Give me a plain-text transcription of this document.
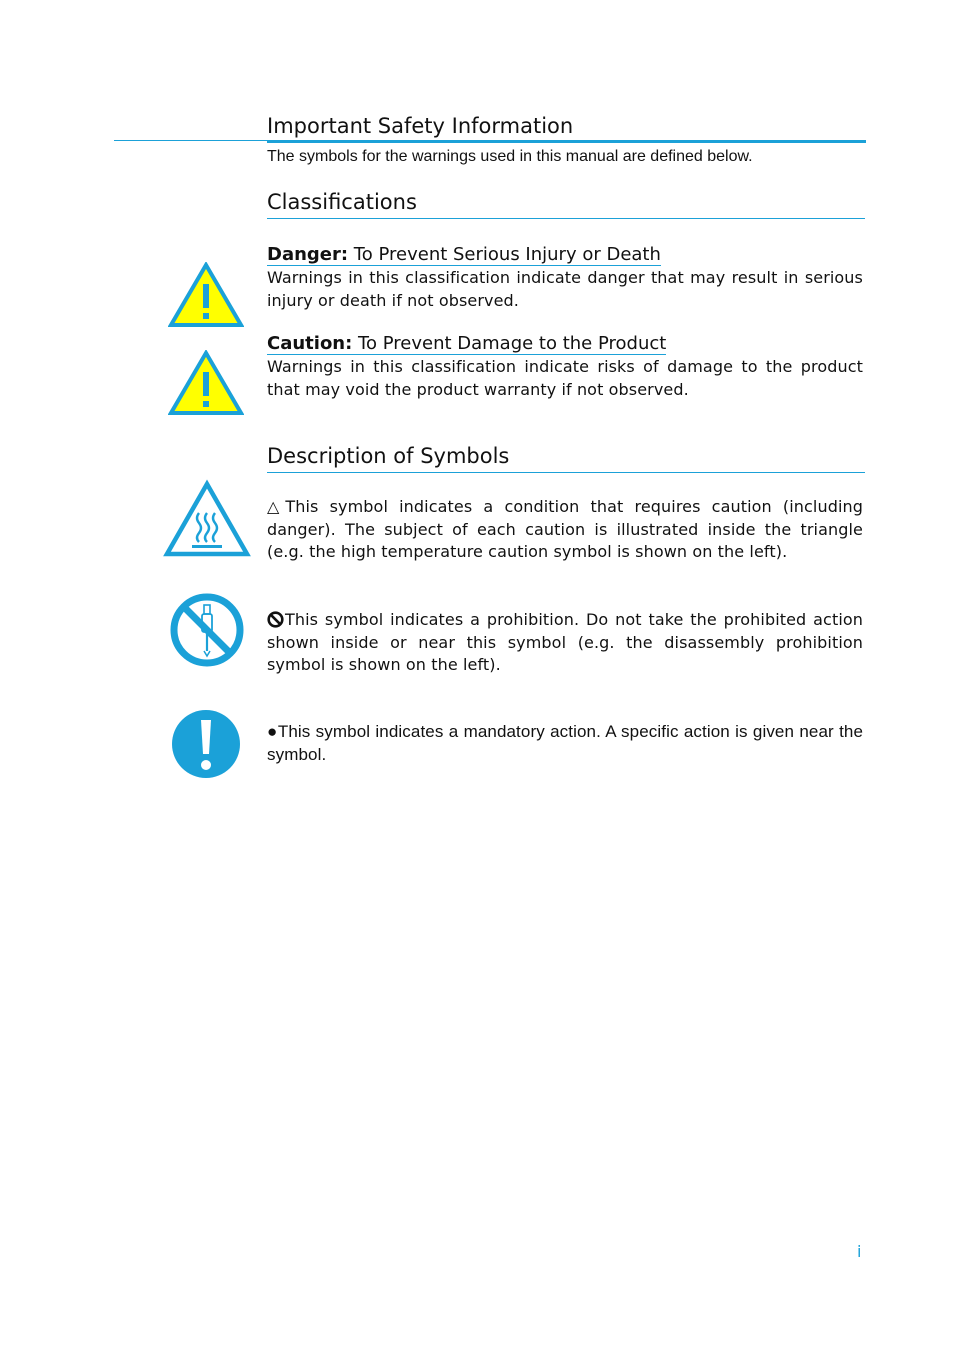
Important Safety Information
The symbols for the warnings used in this manual are defined below.
Classifications
Danger: To Prevent Serious Injury or Death
Warnings in this classification indicate danger that may result in serious injury or death if not observed.
Caution: To Prevent Damage to the Product
Warnings in this classification indicate risks of damage to the product that may void the product warranty if not observed.
Description of Symbols
△This symbol indicates a condition that requires caution (including danger). The subject of each caution is illustrated inside the triangle (e.g. the high temperature caution symbol is shown on the left).
This symbol indicates a prohibition. Do not take the prohibited action shown inside or near this symbol (e.g. the disassembly prohibition symbol is shown on the left).
●This symbol indicates a mandatory action. A specific action is given near the symbol.
i
